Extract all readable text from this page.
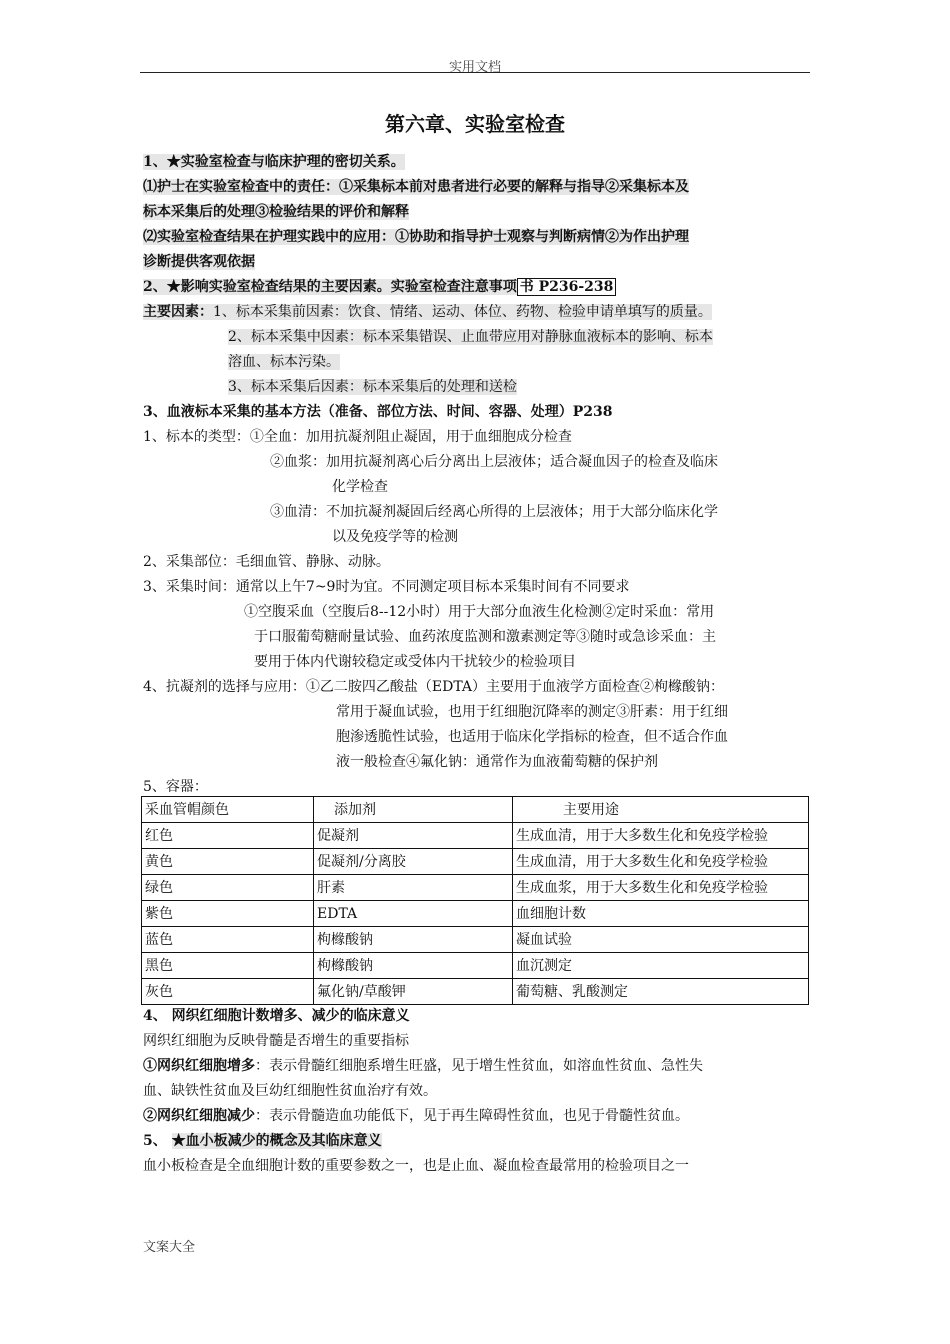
实用文档
第六章、实验室检查
1、★实验室检查与临床护理的密切关系。
⑴护士在实验室检查中的责任：①采集标本前对患者进行必要的解释与指导②采集标本及
标本采集后的处理③检验结果的评价和解释
⑵实验室检查结果在护理实践中的应用：①协助和指导护士观察与判断病情②为作出护理
诊断提供客观依据
2、★影响实验室检查结果的主要因素。实验室检查注意事项 书 P236-238
主要因素：1、标本采集前因素：饮食、情绪、运动、体位、药物、检验申请单填写的质量。
2、标本采集中因素：标本采集错误、止血带应用对静脉血液标本的影响、标本
溶血、标本污染。
3、标本采集后因素：标本采集后的处理和送检
3、血液标本采集的基本方法（准备、部位方法、时间、容器、处理）P238
1、标本的类型：①全血：加用抗凝剂阻止凝固，用于血细胞成分检查
②血浆：加用抗凝剂离心后分离出上层液体；适合凝血因子的检查及临床
化学检查
③血清：不加抗凝剂凝固后经离心所得的上层液体；用于大部分临床化学
以及免疫学等的检测
2、采集部位：毛细血管、静脉、动脉。
3、采集时间：通常以上午7~9时为宜。不同测定项目标本采集时间有不同要求
①空腹采血（空腹后8--12小时）用于大部分血液生化检测②定时采血：常用
于口服葡萄糖耐量试验、血药浓度监测和激素测定等③随时或急诊采血：主
要用于体内代谢较稳定或受体内干扰较少的检验项目
4、抗凝剂的选择与应用：①乙二胺四乙酸盐（EDTA）主要用于血液学方面检查②枸橼酸钠：
常用于凝血试验，也用于红细胞沉降率的测定③肝素：用于红细
胞渗透脆性试验，也适用于临床化学指标的检查，但不适合作血
液一般检查④氟化钠：通常作为血液葡萄糖的保护剂
5、容器：
采血管帽颜色	添加剂	主要用途
红色	促凝剂	生成血清，用于大多数生化和免疫学检验
黄色	促凝剂/分离胶	生成血清，用于大多数生化和免疫学检验
绿色	肝素	生成血浆，用于大多数生化和免疫学检验
紫色	EDTA	血细胞计数
蓝色	枸橼酸钠	凝血试验
黑色	枸橼酸钠	血沉测定
灰色	氟化钠/草酸钾	葡萄糖、乳酸测定
4、 网织红细胞计数增多、减少的临床意义
网织红细胞为反映骨髓是否增生的重要指标
①网织红细胞增多：表示骨髓红细胞系增生旺盛，见于增生性贫血，如溶血性贫血、急性失
血、缺铁性贫血及巨幼红细胞性贫血治疗有效。
②网织红细胞减少：表示骨髓造血功能低下，见于再生障碍性贫血，也见于骨髓性贫血。
5、 ★血小板减少的概念及其临床意义
血小板检查是全血细胞计数的重要参数之一，也是止血、凝血检查最常用的检验项目之一
文案大全
